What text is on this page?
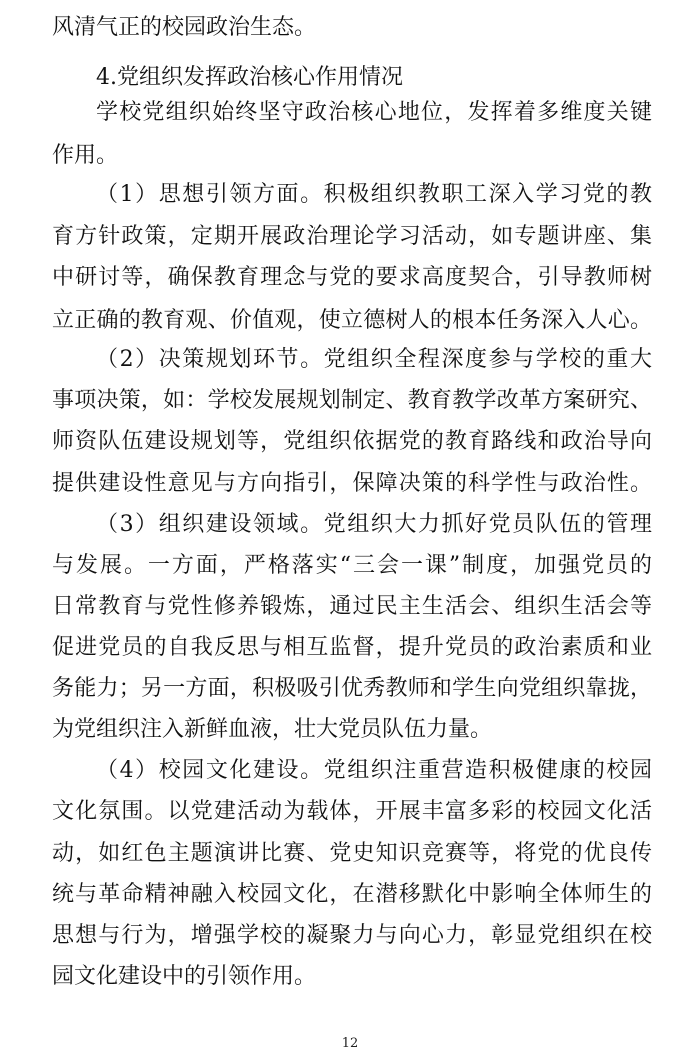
风清气正的校园政治生态。
4.党组织发挥政治核心作用情况
学校党组织始终坚守政治核心地位，发挥着多维度关键
作用。
（1）思想引领方面。积极组织教职工深入学习党的教
育方针政策，定期开展政治理论学习活动，如专题讲座、集
中研讨等，确保教育理念与党的要求高度契合，引导教师树
立正确的教育观、价值观，使立德树人的根本任务深入人心。
（2）决策规划环节。党组织全程深度参与学校的重大
事项决策，如：学校发展规划制定、教育教学改革方案研究、
师资队伍建设规划等，党组织依据党的教育路线和政治导向
提供建设性意见与方向指引，保障决策的科学性与政治性。
（3）组织建设领域。党组织大力抓好党员队伍的管理
与发展。一方面，严格落实“三会一课”制度，加强党员的
日常教育与党性修养锻炼，通过民主生活会、组织生活会等
促进党员的自我反思与相互监督，提升党员的政治素质和业
务能力；另一方面，积极吸引优秀教师和学生向党组织靠拢，
为党组织注入新鲜血液，壮大党员队伍力量。
（4）校园文化建设。党组织注重营造积极健康的校园
文化氛围。以党建活动为载体，开展丰富多彩的校园文化活
动，如红色主题演讲比赛、党史知识竞赛等，将党的优良传
统与革命精神融入校园文化，在潜移默化中影响全体师生的
思想与行为，增强学校的凝聚力与向心力，彰显党组织在校
园文化建设中的引领作用。
12
